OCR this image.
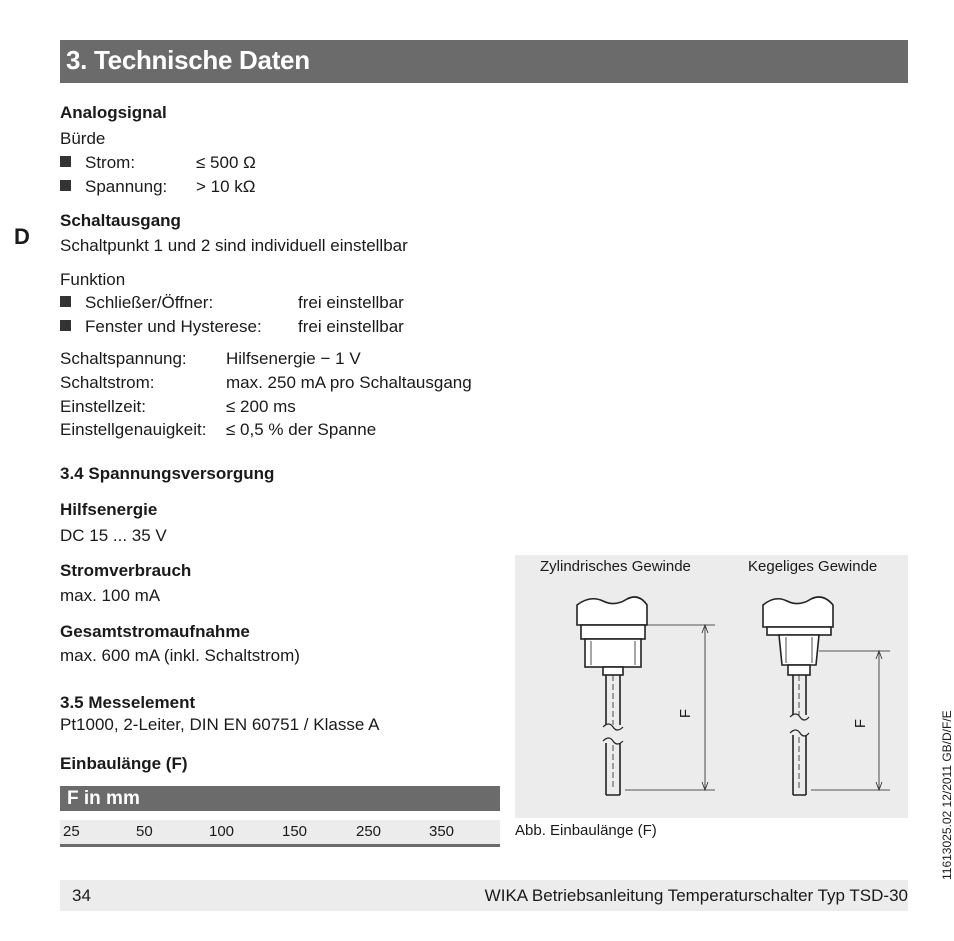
3. Technische Daten
D
Analogsignal
Bürde
Strom:	≤ 500 Ω
Spannung: > 10 kΩ
Schaltausgang
Schaltpunkt 1 und 2 sind individuell einstellbar
Funktion
Schließer/Öffner:	frei einstellbar
Fenster und Hysterese: frei einstellbar
Schaltspannung: Hilfsenergie − 1 V
Schaltstrom:	max. 250 mA pro Schaltausgang
Einstellzeit:	≤ 200 ms
Einstellgenauigkeit: ≤ 0,5 % der Spanne
3.4 Spannungsversorgung
Hilfsenergie
DC 15 ... 35 V
Stromverbrauch
max. 100 mA
Gesamtstromaufnahme
max. 600 mA (inkl. Schaltstrom)
3.5 Messelement
Pt1000, 2-Leiter, DIN EN 60751 / Klasse A
Einbaulänge (F)
F in mm
25	50	100	150	250	350
Zylindrisches Gewinde	Kegeliges Gewinde
F
F
Abb. Einbaulänge (F)	11613025.02 12/2011 GB/D/F/E
34	WIKA Betriebsanleitung Temperaturschalter Typ TSD-30
